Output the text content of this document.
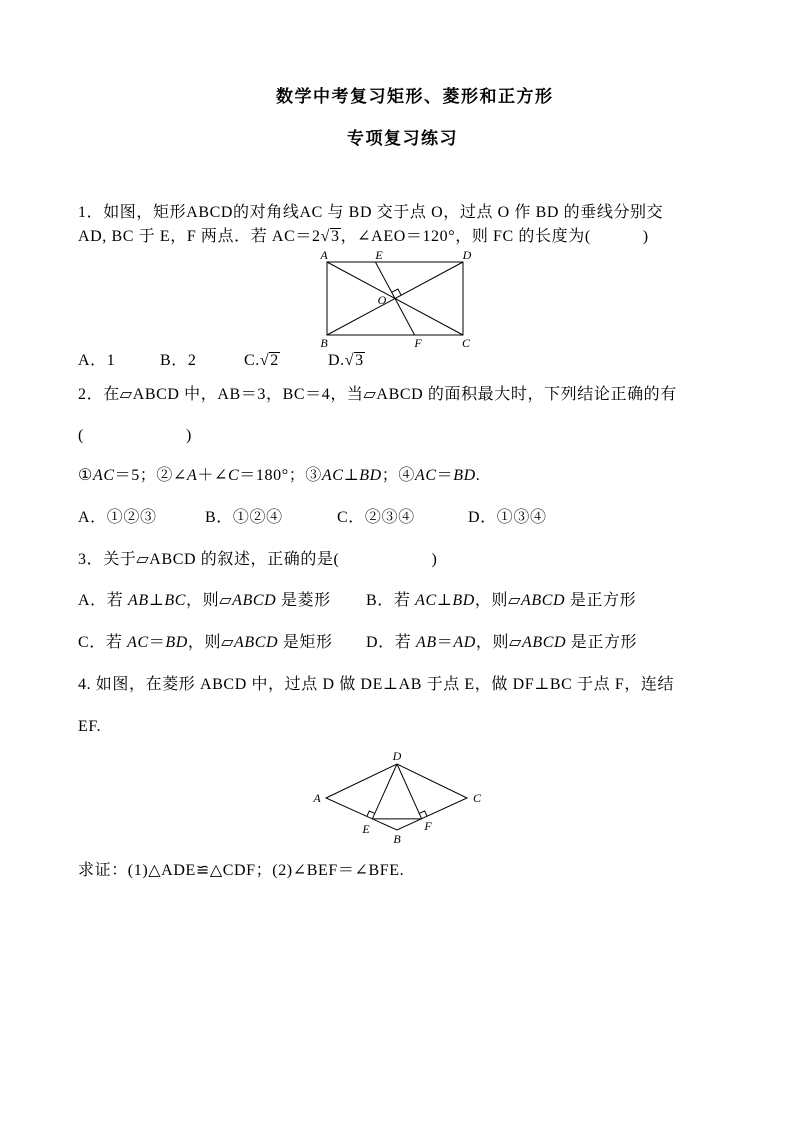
数学中考复习矩形、菱形和正方形
专项复习练习
1．如图，矩形ABCD的对角线AC 与 BD 交于点 O，过点 O 作 BD 的垂线分别交
AD, BC 于 E，F 两点．若 AC＝2√3，∠AEO＝120°，则 FC 的长度为(	)
A	E	D
O
B	F	C

A．1

	B．2

	C.√2

	D.√3

2．在▱ABCD 中，AB＝3，BC＝4，当▱ABCD 的面积最大时，下列结论正确的有
(	)
①AC＝5；②∠A＋∠C＝180°；③AC⊥BD；④AC＝BD.

A．①②③

	B．①②④

	C．②③④

	D．①③④

3．关于▱ABCD 的叙述，正确的是(	)

A．若 AB⊥BC，则▱ABCD 是菱形

B．若 AC⊥BD，则▱ABCD 是正方形

C．若 AC＝BD，则▱ABCD 是矩形

D．若 AB＝AD，则▱ABCD 是正方形

4. 如图，在菱形 ABCD 中，过点 D 做 DE⊥AB 于点 E，做 DF⊥BC 于点 F，连结
EF.
D
A	C
E
B
F
求证：(1)△ADE≌△CDF；(2)∠BEF＝∠BFE.
